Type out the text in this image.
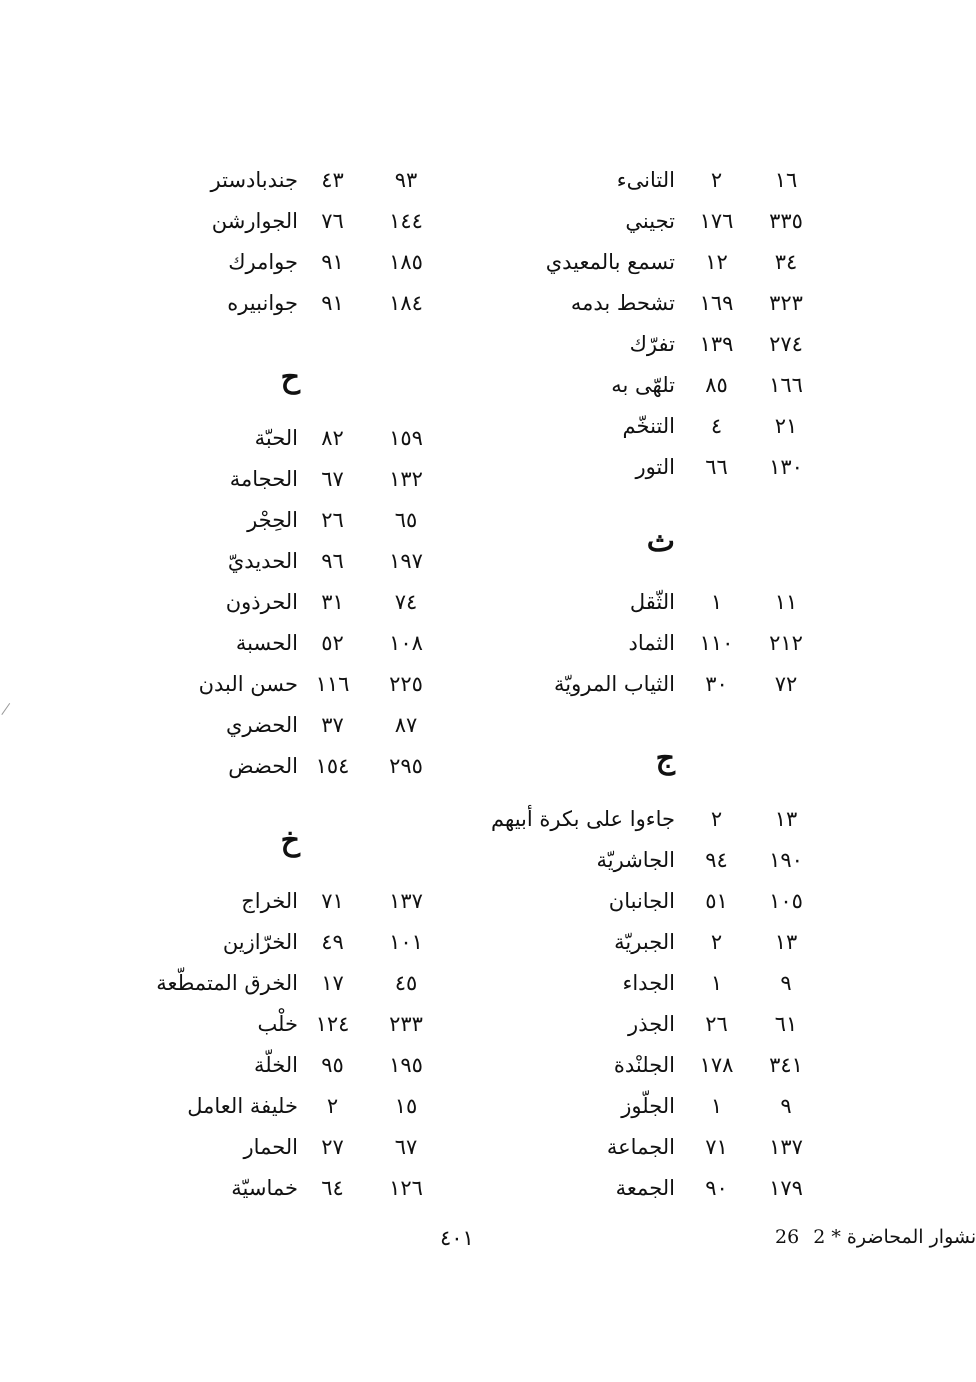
١٦
٢
التانىء
٣٣٥
١٧٦
تجيني
٣٤
١٢
تسمع بالمعيدي
٣٢٣
١٦٩
تشحط بدمه
٢٧٤
١٣٩
تفرّك
١٦٦
٨٥
تلهّى به
٢١
٤
التنخّم
١٣٠
٦٦
التور
ث
١١
١
الثّقل
٢١٢
١١٠
الثماد
٧٢
٣٠
الثياب المرويّة
ج
١٣
٢
جاءوا على بكرة أبيهم
١٩٠
٩٤
الجاشريّة
١٠٥
٥١
الجانبان
١٣
٢
الجبريّة
٩
١
الجداء
٦١
٢٦
الجذر
٣٤١
١٧٨
الجلنْدة
٩
١
الجلّوز
١٣٧
٧١
الجماعة
١٧٩
٩٠
الجمعة
٩٣
٤٣
جندبادستر
١٤٤
٧٦
الجوارشن
١٨٥
٩١
جوامرك
١٨٤
٩١
جوانبيره
ح
١٥٩
٨٢
الحبّة
١٣٢
٦٧
الحجامة
٦٥
٢٦
الحِجْر
١٩٧
٩٦
الحديديّ
٧٤
٣١
الحرذون
١٠٨
٥٢
الحسبة
٢٢٥
١١٦
حسن البدن
٨٧
٣٧
الحضري
٢٩٥
١٥٤
الحضض
خ
١٣٧
٧١
الخراج
١٠١
٤٩
الخرّازين
٤٥
١٧
الخرق المتمطّعة
٢٣٣
١٢٤
خلْب
١٩٥
٩٥
الخلّة
١٥
٢
خليفة العامل
٦٧
٢٧
الحمار
١٢٦
٦٤
خماسيّة
26 نشوار المحاضرة * 2
٤٠١
